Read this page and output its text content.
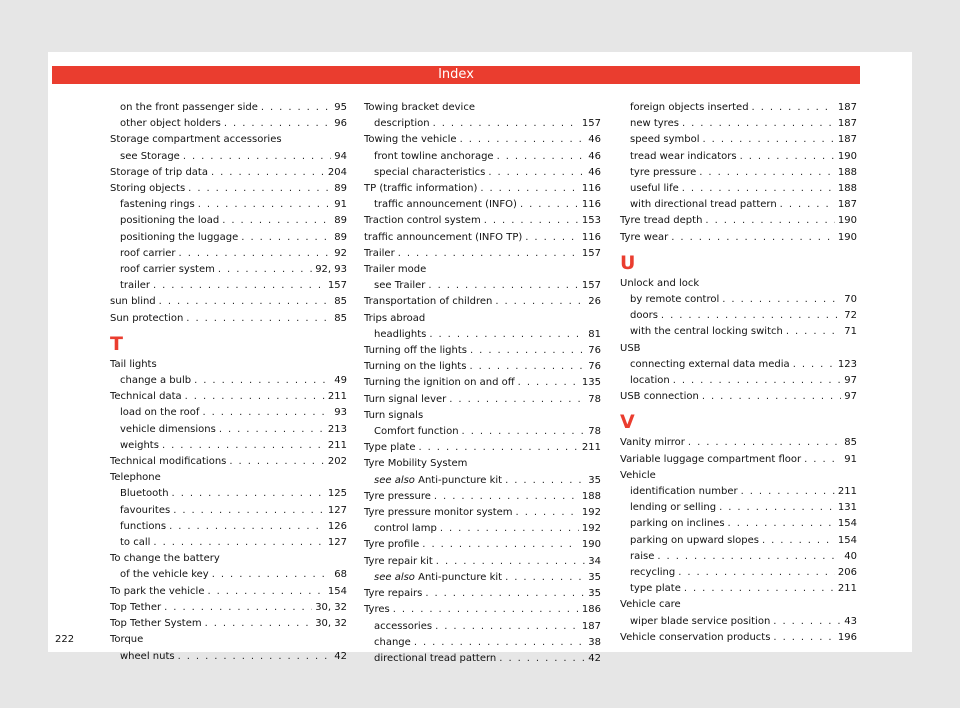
Index
on the front passenger side . . .	95
other object holders . . .	96
Storage compartment accessories
see Storage . . .	94
Storage of trip data . . .	204
Storing objects . . .	89
fastening rings . . .	91
positioning the load . . .	89
positioning the luggage . . .	89
roof carrier . . .	92
roof carrier system . . .	92, 93
trailer . . .	157
sun blind . . .	85
Sun protection . . .	85
T
Tail lights
change a bulb . . .	49
Technical data . . .	211
load on the roof . . .	93
vehicle dimensions . . .	213
weights . . .	211
Technical modifications . . .	202
Telephone
Bluetooth . . .	125
favourites . . .	127
functions . . .	126
to call . . .	127
To change the battery
of the vehicle key . . .	68
To park the vehicle . . .	154
Top Tether . . .	30, 32
Top Tether System . . .	30, 32
Torque
wheel nuts . . .	42
Towing bracket device
description . . .	157
Towing the vehicle . . .	46
front towline anchorage . . .	46
special characteristics . . .	46
TP (traffic information) . . .	116
traffic announcement (INFO) . . .	116
Traction control system . . .	153
traffic announcement (INFO TP) . . .	116
Trailer . . .	157
Trailer mode
see Trailer . . .	157
Transportation of children . . .	26
Trips abroad
headlights . . .	81
Turning off the lights . . .	76
Turning on the lights . . .	76
Turning the ignition on and off . . .	135
Turn signal lever . . .	78
Turn signals
Comfort function . . .	78
Type plate . . .	211
Tyre Mobility System
see also Anti-puncture kit . . .	35
Tyre pressure . . .	188
Tyre pressure monitor system . . .	192
control lamp . . .	192
Tyre profile . . .	190
Tyre repair kit . . .	34
see also Anti-puncture kit . . .	35
Tyre repairs . . .	35
Tyres . . .	186
accessories . . .	187
change . . .	38
directional tread pattern . . .	42
foreign objects inserted . . .	187
new tyres . . .	187
speed symbol . . .	187
tread wear indicators . . .	190
tyre pressure . . .	188
useful life . . .	188
with directional tread pattern . . .	187
Tyre tread depth . . .	190
Tyre wear . . .	190
U
Unlock and lock
by remote control . . .	70
doors . . .	72
with the central locking switch . . .	71
USB
connecting external data media . . .	123
location . . .	97
USB connection . . .	97
V
Vanity mirror . . .	85
Variable luggage compartment floor . . .	91
Vehicle
identification number . . .	211
lending or selling . . .	131
parking on inclines . . .	154
parking on upward slopes . . .	154
raise . . .	40
recycling . . .	206
type plate . . .	211
Vehicle care
wiper blade service position . . .	43
Vehicle conservation products . . .	196
222
